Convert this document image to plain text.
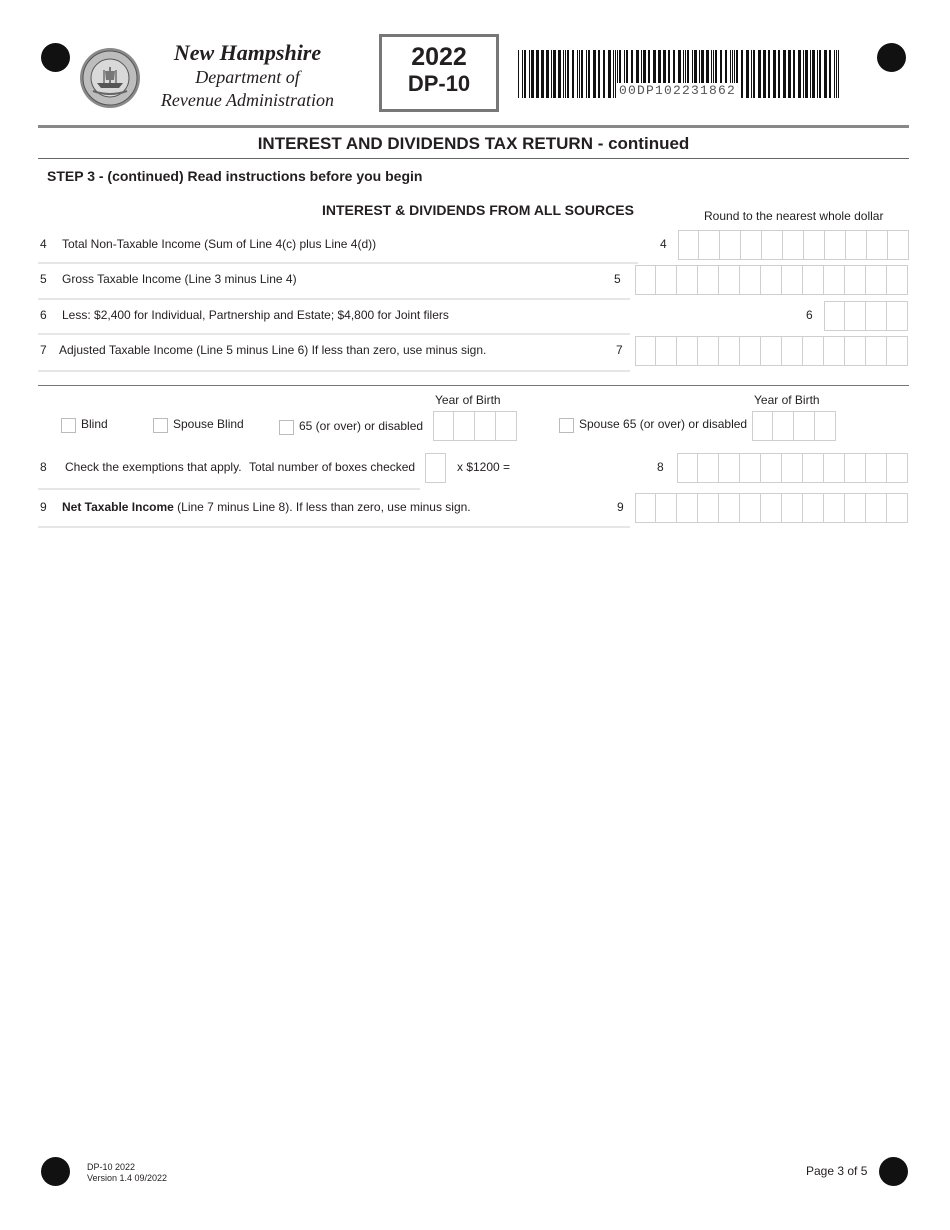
New Hampshire
Department of
Revenue Administration
2022
DP-10	00DP102231862
INTEREST AND DIVIDENDS TAX RETURN - continued
STEP 3 - (continued) Read instructions before you begin
INTEREST & DIVIDENDS FROM ALL SOURCES	Round to the nearest whole dollar
4 Total Non-Taxable Income (Sum of Line 4(c) plus Line 4(d))	4
5 Gross Taxable Income (Line 3 minus Line 4)	5
6 Less: $2,400 for Individual, Partnership and Estate; $4,800 for Joint filers	6
7 Adjusted Taxable Income (Line 5 minus Line 6) If less than zero, use minus sign.	7
Year of Birth	Year of Birth
Blind	Spouse Blind	65 (or over) or disabled	Spouse 65 (or over) or disabled
8 Check the exemptions that apply. Total number of boxes checked	x $1200 =	8
9 Net Taxable Income (Line 7 minus Line 8). If less than zero, use minus sign.	9
DP-10 2022
Version 1.4 09/2022	Page 3 of 5
